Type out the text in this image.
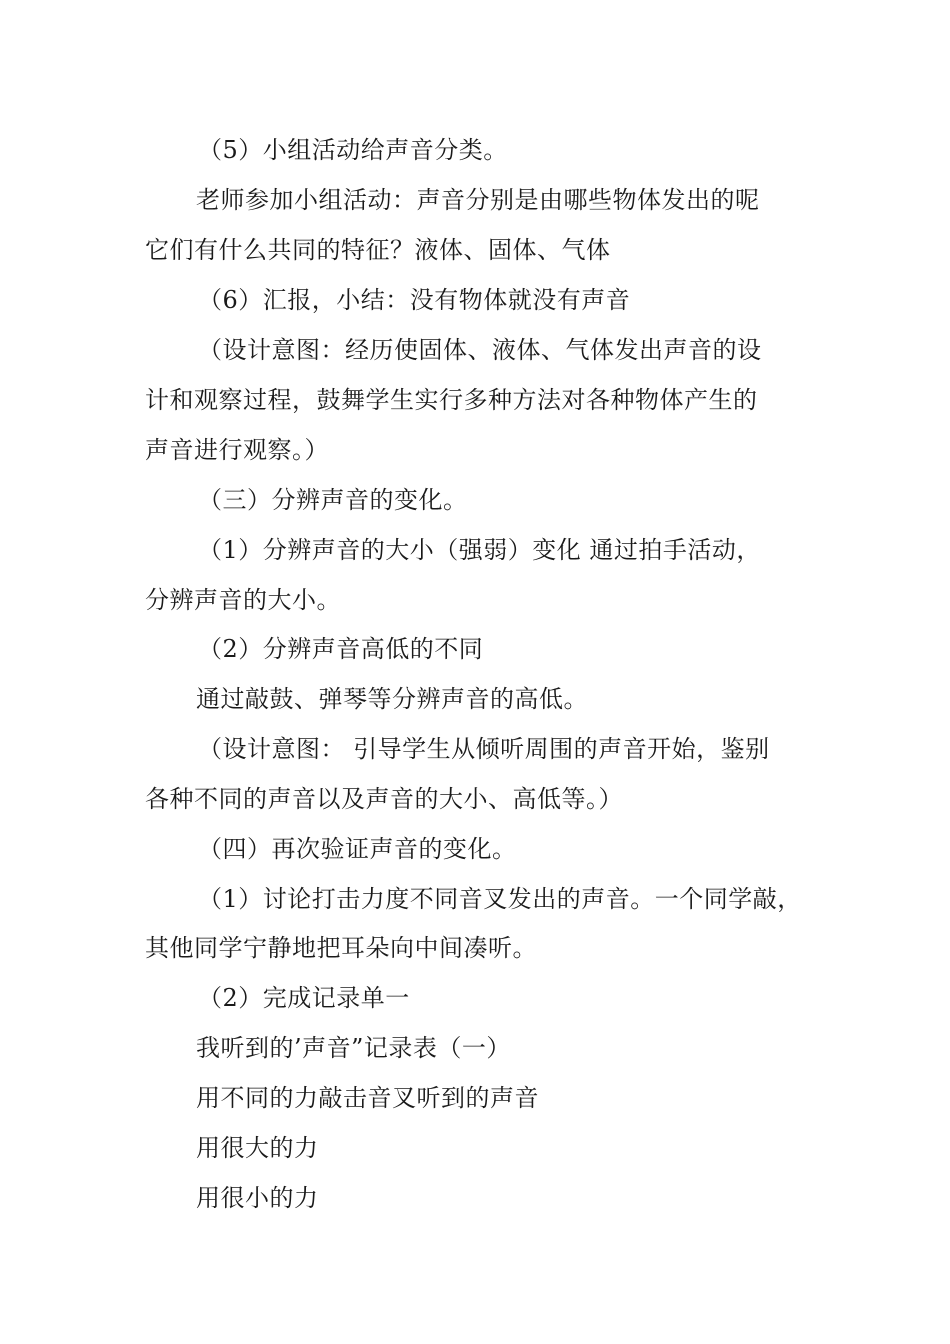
（5）小组活动给声音分类。
老师参加小组活动：声音分别是由哪些物体发出的呢
它们有什么共同的特征？液体、固体、气体
（6）汇报，小结：没有物体就没有声音
（设计意图：经历使固体、液体、气体发出声音的设
计和观察过程，鼓舞学生实行多种方法对各种物体产生的
声音进行观察。）
（三）分辨声音的变化。
（1）分辨声音的大小（强弱）变化 通过拍手活动，
分辨声音的大小。
（2）分辨声音高低的不同
通过敲鼓、弹琴等分辨声音的高低。
（设计意图： 引导学生从倾听周围的声音开始，鉴别
各种不同的声音以及声音的大小、高低等。）
（四）再次验证声音的变化。
（1）讨论打击力度不同音叉发出的声音。一个同学敲，
其他同学宁静地把耳朵向中间凑听。
（2）完成记录单一
我听到的’声音”记录表（一）
用不同的力敲击音叉听到的声音
用很大的力
用很小的力
